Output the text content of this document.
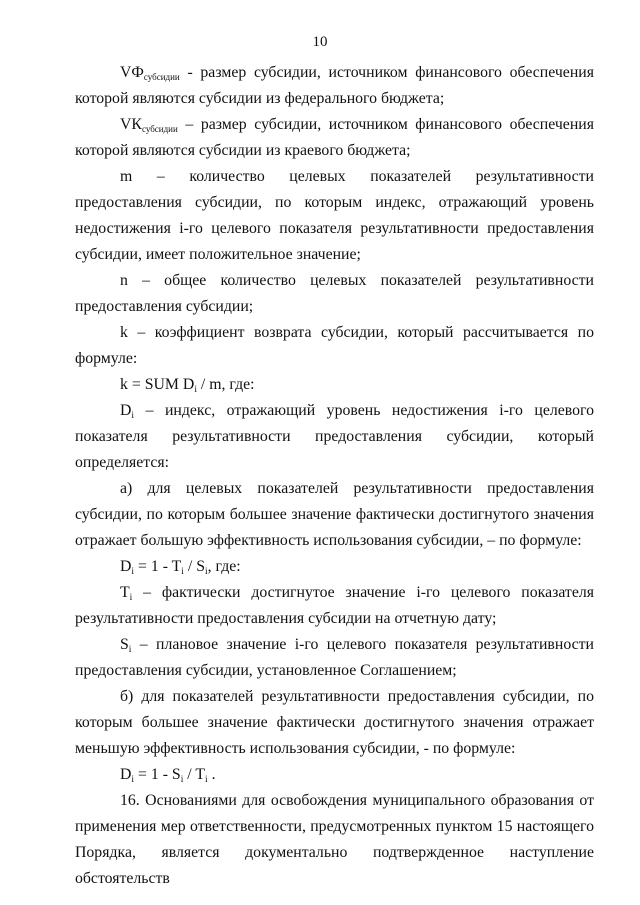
10

$VФ_{субсидии}$ - размер субсидии, источником финансового обеспечения которой являются субсидии из федерального бюджета;

$VК_{субсидии}$ – размер субсидии, источником финансового обеспечения которой являются субсидии из краевого бюджета;

m – количество целевых показателей результативности предоставления субсидии, по которым индекс, отражающий уровень недостижения i-го целевого показателя результативности предоставления субсидии, имеет положительное значение;

n – общее количество целевых показателей результативности предоставления субсидии;

k – коэффициент возврата субсидии, который рассчитывается по формуле:

k = SUM $D_i$ / m, где:

$D_i$ – индекс, отражающий уровень недостижения i-го целевого показателя результативности предоставления субсидии, который определяется:

а) для целевых показателей результативности предоставления субсидии, по которым большее значение фактически достигнутого значения отражает большую эффективность использования субсидии, – по формуле:

$D_i = 1 - T_i / S_i$, где:

$T_i$ – фактически достигнутое значение i-го целевого показателя результативности предоставления субсидии на отчетную дату;

$S_i$ – плановое значение i-го целевого показателя результативности предоставления субсидии, установленное Соглашением;

б) для показателей результативности предоставления субсидии, по которым большее значение фактически достигнутого значения отражает меньшую эффективность использования субсидии, - по формуле:

$D_i = 1 - S_i / T_i$ .

16. Основаниями для освобождения муниципального образования от применения мер ответственности, предусмотренных пунктом 15 настоящего Порядка, является документально подтвержденное наступление обстоятельств
